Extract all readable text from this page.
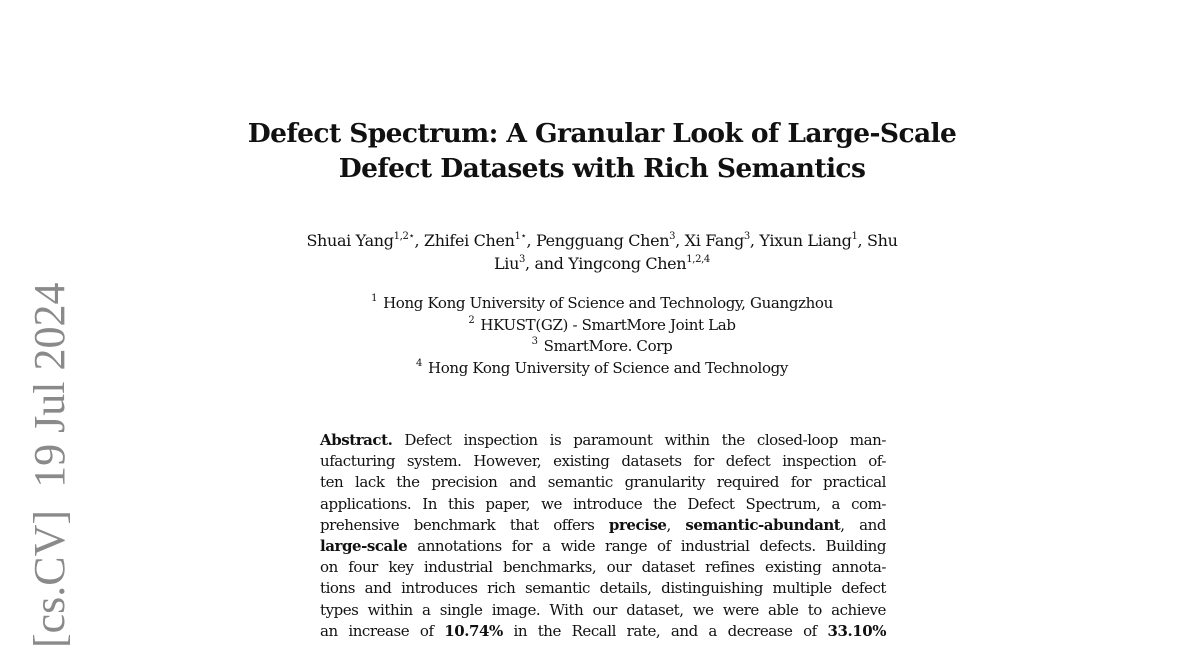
[cs.CV]19 Jul 2024
Defect Spectrum: A Granular Look of Large-Scale
Defect Datasets with Rich Semantics
Shuai Yang$^{1,2⋆}$, Zhifei Chen$^{1⋆}$, Pengguang Chen$^3$, Xi Fang$^3$, Yixun Liang$^1$, Shu
Liu$^3$, and Yingcong Chen$^{1,2,4}$
$^1$ Hong Kong University of Science and Technology, Guangzhou
$^2$ HKUST(GZ) - SmartMore Joint Lab
$^3$ SmartMore. Corp
$^4$ Hong Kong University of Science and Technology
Abstract. Defect inspection is paramount within the closed-loop man-
ufacturing system. However, existing datasets for defect inspection of-
ten lack the precision and semantic granularity required for practical
applications. In this paper, we introduce the Defect Spectrum, a com-
prehensive benchmark that offers precise, semantic-abundant, and
large-scale annotations for a wide range of industrial defects. Building
on four key industrial benchmarks, our dataset refines existing annota-
tions and introduces rich semantic details, distinguishing multiple defect
types within a single image. With our dataset, we were able to achieve
an increase of 10.74% in the Recall rate, and a decrease of 33.10%
